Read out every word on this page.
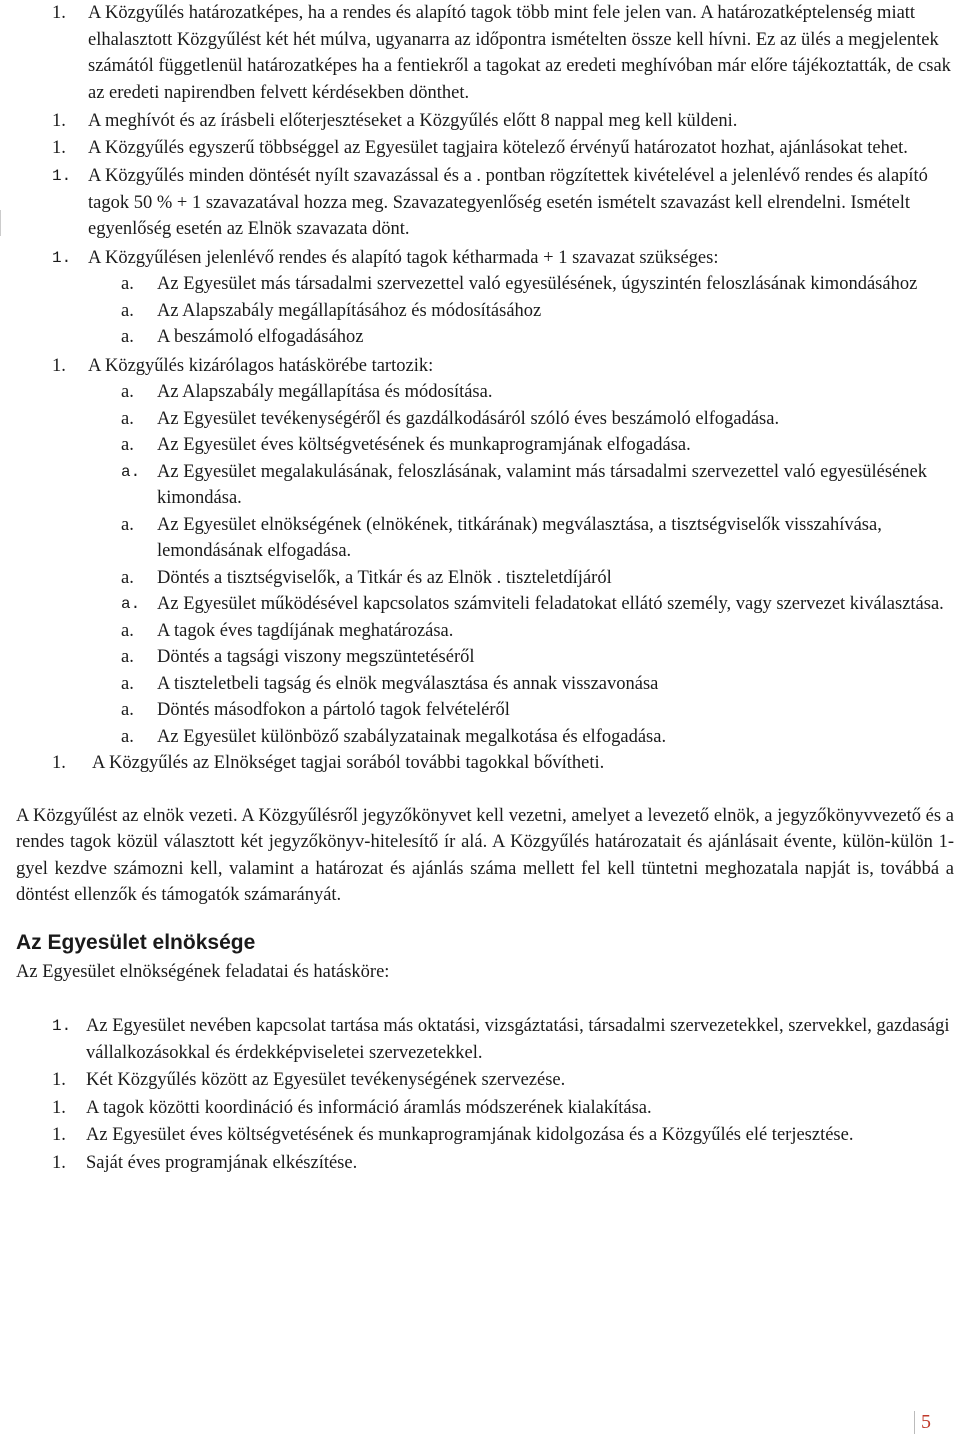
1.	A Közgyűlés határozatképes, ha a rendes és alapító tagok több mint fele jelen van. A határozatképtelenség miatt elhalasztott Közgyűlést két hét múlva, ugyanarra az időpontra ismételten össze kell hívni. Ez az ülés a megjelentek számától függetlenül határozatképes ha a fentiekről a tagokat az eredeti meghívóban már előre tájékoztatták, de csak az eredeti napirendben felvett kérdésekben dönthet.
1.	A meghívót és az írásbeli előterjesztéseket a Közgyűlés előtt 8 nappal meg kell küldeni.
1.	A Közgyűlés egyszerű többséggel az Egyesület tagjaira kötelező érvényű határozatot hozhat, ajánlásokat tehet.
1. A Közgyűlés minden döntését nyílt szavazással és a . pontban rögzítettek kivételével a jelenlévő rendes és alapító tagok 50 % + 1 szavazatával hozza meg. Szavazategyenlőség esetén ismételt szavazást kell elrendelni. Ismételt egyenlőség esetén az Elnök szavazata dönt.
1. A Közgyűlésen jelenlévő rendes és alapító tagok kétharmada + 1 szavazat szükséges:
a.	Az Egyesület más társadalmi szervezettel való egyesülésének, úgyszintén feloszlásának kimondásához
a.	Az Alapszabály megállapításához és módosításához
a.	A beszámoló elfogadásához
1.	A Közgyűlés kizárólagos hatáskörébe tartozik:
a.	Az Alapszabály megállapítása és módosítása.
a.	Az Egyesület tevékenységéről és gazdálkodásáról szóló éves beszámoló elfogadása.
a.	Az Egyesület éves költségvetésének és munkaprogramjának elfogadása.
a. Az Egyesület megalakulásának, feloszlásának, valamint más társadalmi szervezettel való egyesülésének kimondása.
a.	Az Egyesület elnökségének (elnökének, titkárának) megválasztása, a tisztségviselők visszahívása, lemondásának elfogadása.
a.	Döntés a tisztségviselők, a Titkár és az Elnök . tiszteletdíjáról
a. Az Egyesület működésével kapcsolatos számviteli feladatokat ellátó személy, vagy szervezet kiválasztása.
a.	A tagok éves tagdíjának meghatározása.
a.	Döntés a tagsági viszony megszüntetéséről
a.	A tiszteletbeli tagság és elnök megválasztása és annak visszavonása
a.	Döntés másodfokon a pártoló tagok felvételéről
a.	Az Egyesület különböző szabályzatainak megalkotása és elfogadása.
1.	A Közgyűlés az Elnökséget tagjai sorából további tagokkal bővítheti.

A Közgyűlést az elnök vezeti. A Közgyűlésről jegyzőkönyvet kell vezetni, amelyet a levezető elnök, a jegyzőkönyvvezető és a rendes tagok közül választott két jegyzőkönyv-hitelesítő ír alá. A Közgyűlés határozatait és ajánlásait évente, külön-külön 1-gyel kezdve számozni kell, valamint a határozat és ajánlás száma mellett fel kell tüntetni meghozatala napját is, továbbá a döntést ellenzők és támogatók számarányát.

Az Egyesület elnöksége
Az Egyesület elnökségének feladatai és hatásköre:
1. Az Egyesület nevében kapcsolat tartása más oktatási, vizsgáztatási, társadalmi szervezetekkel, szervekkel, gazdasági vállalkozásokkal és érdekképviseletei szervezetekkel.
1.	Két Közgyűlés között az Egyesület tevékenységének szervezése.
1.	A tagok közötti koordináció és információ áramlás módszerének kialakítása.
1.	Az Egyesület éves költségvetésének és munkaprogramjának kidolgozása és a Közgyűlés elé terjesztése.
1.	Saját éves programjának elkészítése.
5
